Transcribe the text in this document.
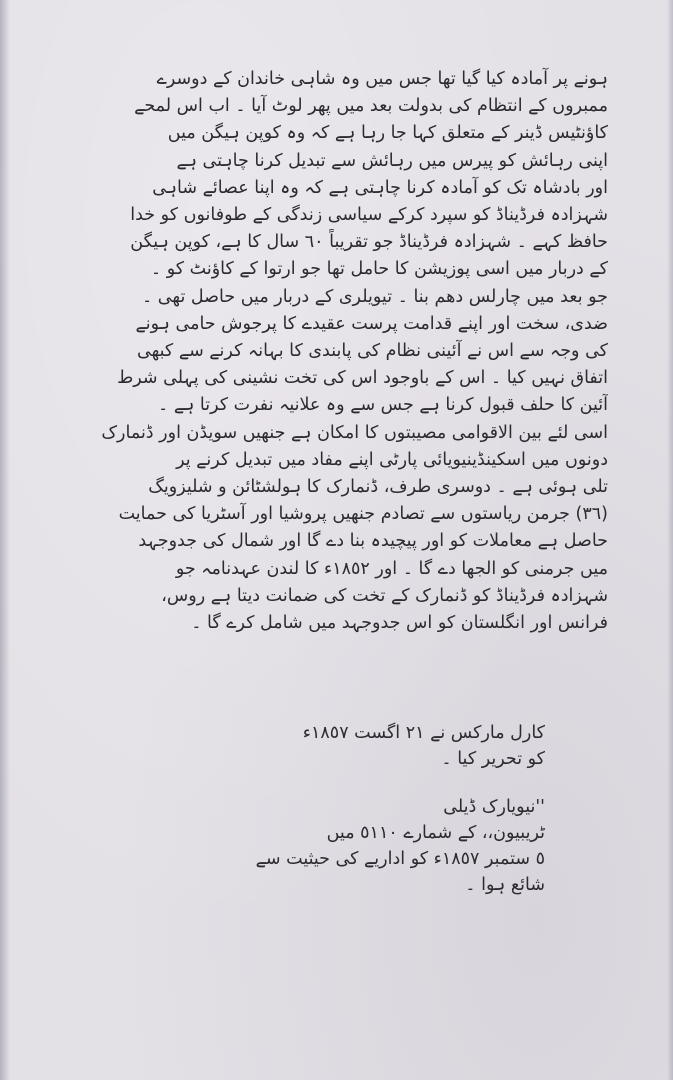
ہونے پر آمادہ کیا گیا تھا جس میں وہ شاہی خاندان کے دوسرے
ممبروں کے انتظام کی بدولت بعد میں پھر لوٹ آیا ۔ اب اس لمحے
کاؤنٹیس ڈینر کے متعلق کہا جا رہا ہے کہ وہ کوپن ہیگن میں
اپنی رہائش کو پیرس میں رہائش سے تبدیل کرنا چاہتی ہے
اور بادشاہ تک کو آمادہ کرنا چاہتی ہے کہ وہ اپنا عصائے شاہی
شہزادہ فرڈیناڈ کو سپرد کرکے سیاسی زندگی کے طوفانوں کو خدا
حافظ کہے ۔ شہزادہ فرڈیناڈ جو تقریباً ٦٠ سال کا ہے، کوپن ہیگن
کے دربار میں اسی پوزیشن کا حامل تھا جو ارتوا کے کاؤنٹ کو ۔
جو بعد میں چارلس دھم بنا ۔ تیویلری کے دربار میں حاصل تھی ۔
ضدی، سخت اور اپنے قدامت پرست عقیدے کا پرجوش حامی ہونے
کی وجہ سے اس نے آئینی نظام کی پابندی کا بہانہ کرنے سے کبھی
اتفاق نہیں کیا ۔ اس کے باوجود اس کی تخت نشینی کی پہلی شرط
آئین کا حلف قبول کرنا ہے جس سے وہ علانیہ نفرت کرتا ہے ۔
اسی لئے بین الاقوامی مصیبتوں کا امکان ہے جنھیں سویڈن اور ڈنمارک
دونوں میں اسکینڈینیویائی پارٹی اپنے مفاد میں تبدیل کرنے پر
تلی ہوئی ہے ۔ دوسری طرف، ڈنمارک کا ہولشٹائن و شلیزویگ
(٣٦) جرمن ریاستوں سے تصادم جنھیں پروشیا اور آسٹریا کی حمایت
حاصل ہے معاملات کو اور پیچیدہ بنا دے گا اور شمال کی جدوجہد
میں جرمنی کو الجھا دے گا ۔ اور ١٨٥٢ء کا لندن عہدنامہ جو
شہزادہ فرڈیناڈ کو ڈنمارک کے تخت کی ضمانت دیتا ہے روس،
فرانس اور انگلستان کو اس جدوجہد میں شامل کرے گا ۔
کارل مارکس نے ٢١ اگست ١٨٥٧ء
کو تحریر کیا ۔
''نیویارک ڈیلی
ٹریبیون،، کے شمارے ٥١١٠ میں
٥ ستمبر ١٨٥٧ء کو اداریے کی حیثیت سے
شائع ہوا ۔
